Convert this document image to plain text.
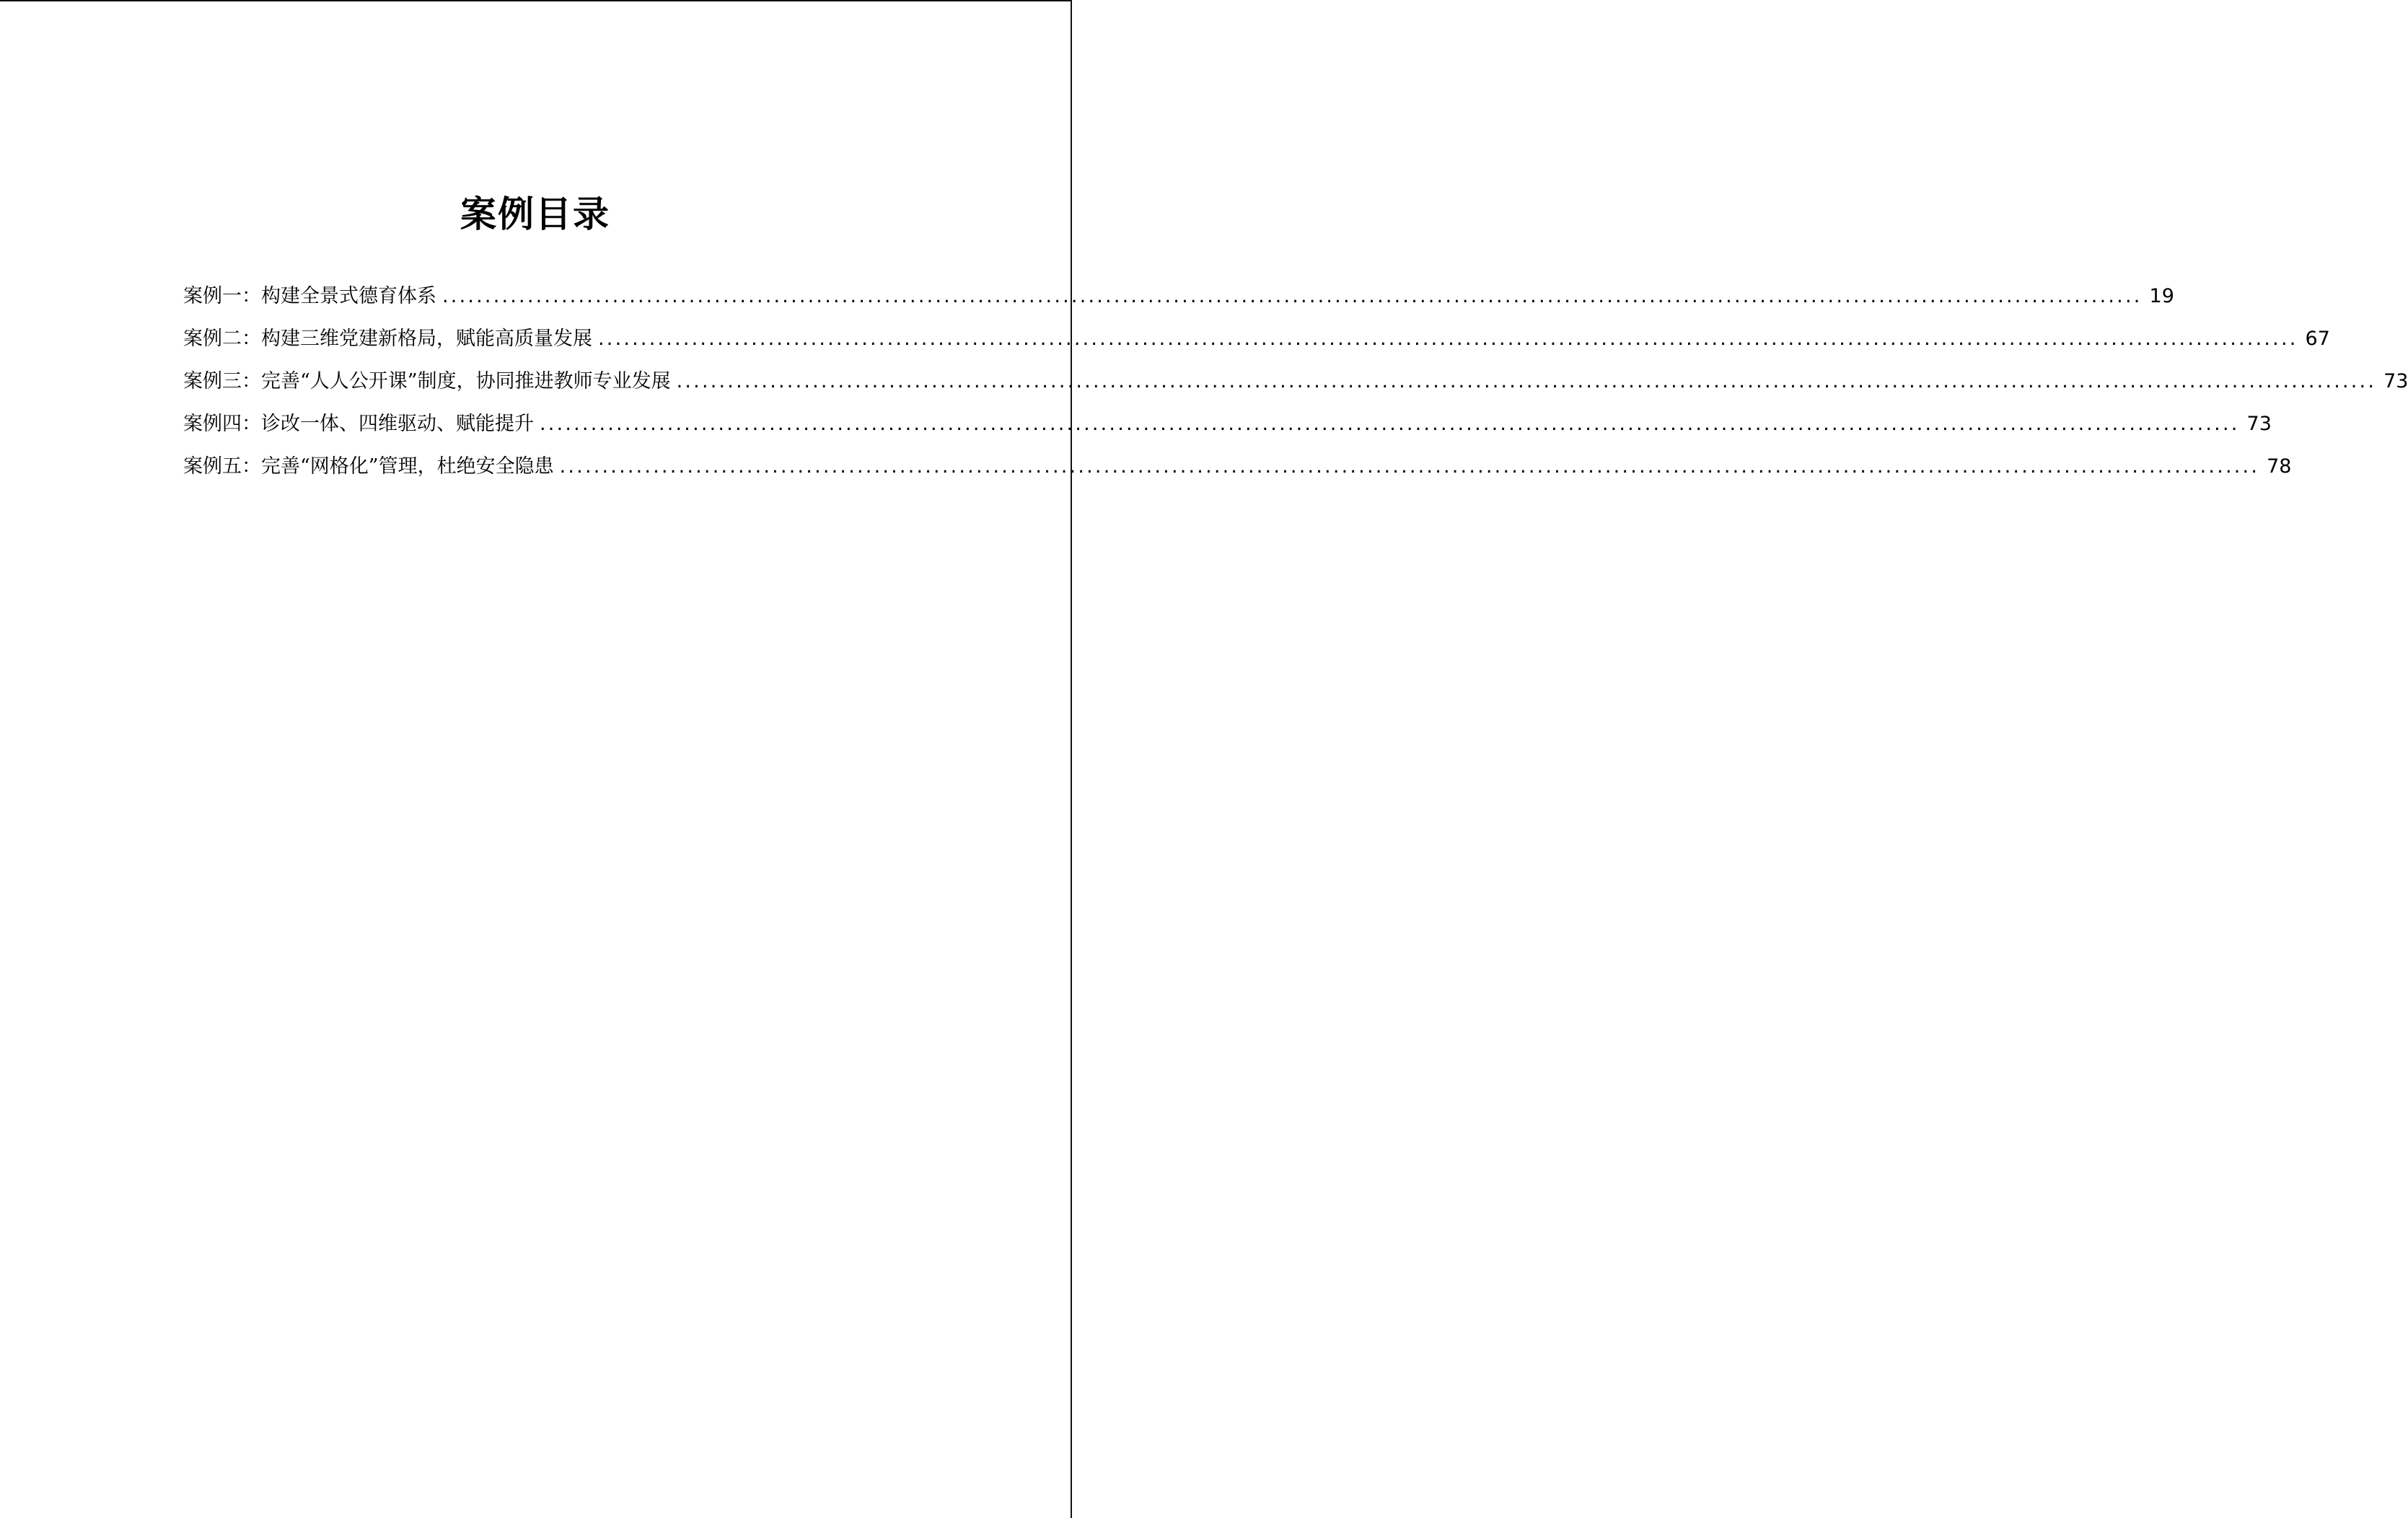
案例目录
案例一：构建全景式德育体系 ........................................................................................................................................................................................................ 19
案例二：构建三维党建新格局，赋能高质量发展 ........................................................................................................................................................................................................ 67
案例三：完善“人人公开课”制度，协同推进教师专业发展 ........................................................................................................................................................................................................ 73
案例四：诊改一体、四维驱动、赋能提升 ........................................................................................................................................................................................................ 73
案例五：完善“网格化”管理，杜绝安全隐患 ........................................................................................................................................................................................................ 78
